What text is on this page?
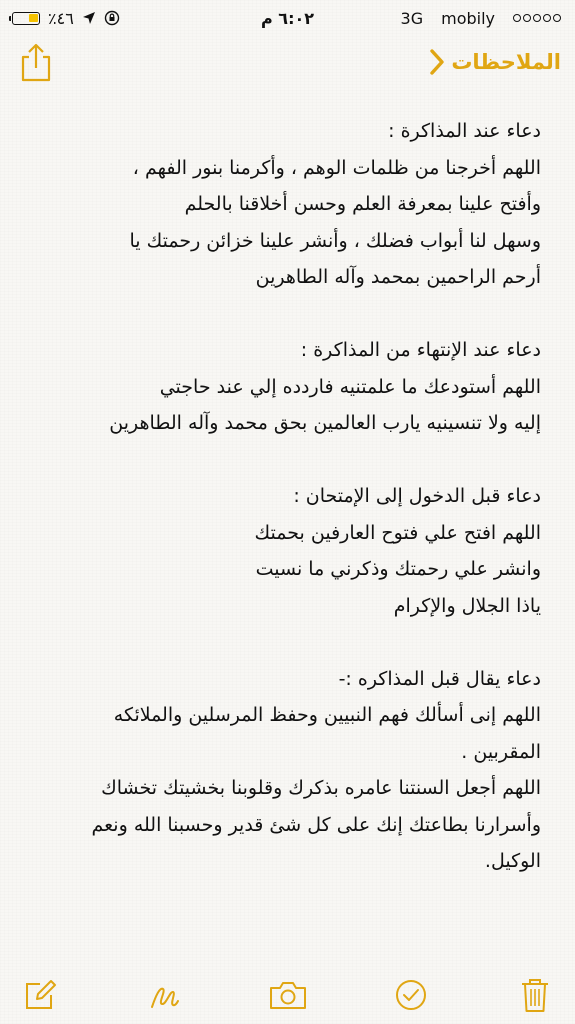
٪٤٦	٦:٠٢ م	3G mobily
الملاحظات
دعاء عند المذاكرة :
اللهم أخرجنا من ظلمات الوهم ، وأكرمنا بنور الفهم ،
وأفتح علينا بمعرفة العلم وحسن أخلاقنا بالحلم
وسهل لنا أبواب فضلك ، وأنشر علينا خزائن رحمتك يا
أرحم الراحمين بمحمد وآله الطاهرين
دعاء عند الإنتهاء من المذاكرة :
اللهم أستودعك ما علمتنيه فاردده إلي عند حاجتي
إليه ولا تنسينيه يارب العالمين بحق محمد وآله الطاهرين
دعاء قبل الدخول إلى الإمتحان :
اللهم افتح علي فتوح العارفين بحمتك
وانشر علي رحمتك وذكرني ما نسيت
ياذا الجلال والإكرام
دعاء يقال قبل المذاكره :-
اللهم إنى أسألك فهم النبيين وحفظ المرسلين والملائكه
المقربين .
اللهم أجعل السنتنا عامره بذكرك وقلوبنا بخشيتك تخشاك
وأسرارنا بطاعتك إنك على كل شئ قدير وحسبنا الله ونعم
الوكيل.
